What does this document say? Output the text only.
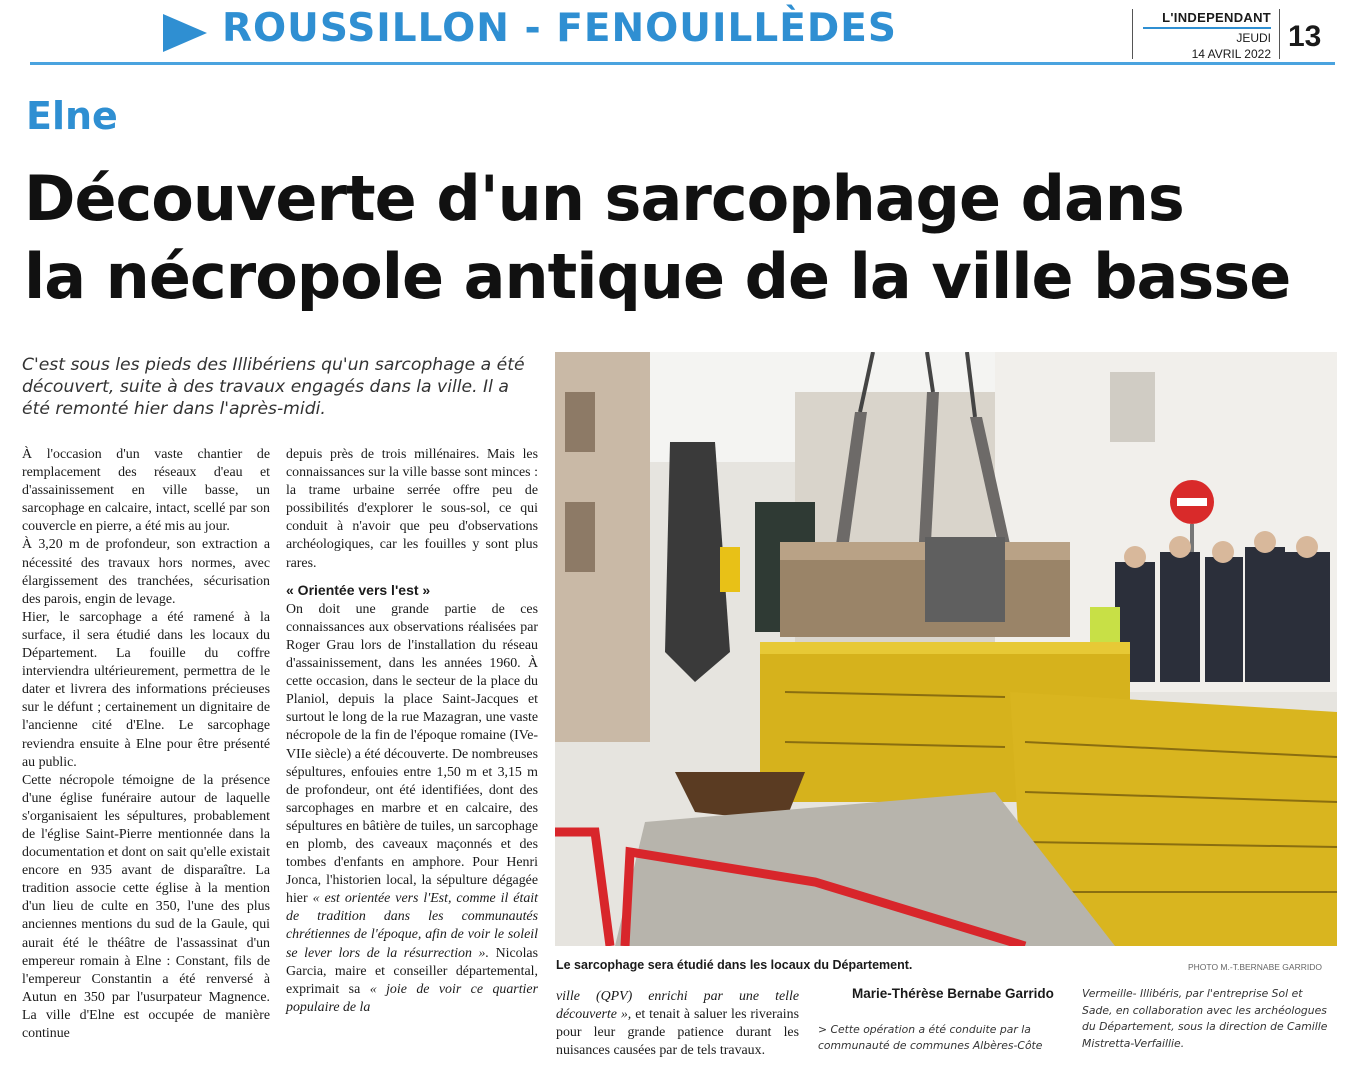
ROUSSILLON - FENOUILLÈDES	L'INDEPENDANT
JEUDI
14 AVRIL 2022
13
Elne
Découverte d'un sarcophage dans
la nécropole antique de la ville basse

C'est sous les pieds des Illibériens qu'un sarcophage a été découvert, suite à des travaux engagés dans la ville. Il a été remonté hier dans l'après-midi.

À l'occasion d'un vaste chantier de remplacement des réseaux d'eau et d'assainissement en ville basse, un sarcophage en calcaire, intact, scellé par son couvercle en pierre, a été mis au jour.

À 3,20 m de profondeur, son extraction a nécessité des travaux hors normes, avec élargissement des tranchées, sécurisation des parois, engin de levage.

Hier, le sarcophage a été ramené à la surface, il sera étudié dans les locaux du Département. La fouille du coffre interviendra ultérieurement, permettra de le dater et livrera des informations précieuses sur le défunt ; certainement un dignitaire de l'ancienne cité d'Elne. Le sarcophage reviendra ensuite à Elne pour être présenté au public.

Cette nécropole témoigne de la présence d'une église funéraire autour de laquelle s'organisaient les sépultures, probablement de l'église Saint-Pierre mentionnée dans la documentation et dont on sait qu'elle existait encore en 935 avant de disparaître. La tradition associe cette église à la mention d'un lieu de culte en 350, l'une des plus anciennes mentions du sud de la Gaule, qui aurait été le théâtre de l'assassinat d'un empereur romain à Elne : Constant, fils de l'empereur Constantin a été renversé à Autun en 350 par l'usurpateur Magnence. La ville d'Elne est occupée de manière continue

depuis près de trois millénaires. Mais les connaissances sur la ville basse sont minces : la trame urbaine serrée offre peu de possibilités d'explorer le sous-sol, ce qui conduit à n'avoir que peu d'observations archéologiques, car les fouilles y sont plus rares.

« Orientée vers l'est »

On doit une grande partie de ces connaissances aux observations réalisées par Roger Grau lors de l'installation du réseau d'assainissement, dans les années 1960. À cette occasion, dans le secteur de la place du Planiol, depuis la place Saint-Jacques et surtout le long de la rue Mazagran, une vaste nécropole de la fin de l'époque romaine (IVe-VIIe siècle) a été découverte. De nombreuses sépultures, enfouies entre 1,50 m et 3,15 m de profondeur, ont été identifiées, dont des sarcophages en marbre et en calcaire, des sépultures en bâtière de tuiles, un sarcophage en plomb, des caveaux maçonnés et des tombes d'enfants en amphore. Pour Henri Jonca, l'historien local, la sépulture dégagée hier « est orientée vers l'Est, comme il était de tradition dans les communautés chrétiennes de l'époque, afin de voir le soleil se lever lors de la résurrection ». Nicolas Garcia, maire et conseiller départemental, exprimait sa « joie de voir ce quartier populaire de la

Le sarcophage sera étudié dans les locaux du Département.	PHOTO M.-T.BERNABE GARRIDO

ville (QPV) enrichi par une telle découverte », et tenait à saluer les riverains pour leur grande patience durant les nuisances causées par de tels travaux.

Marie-Thérèse Bernabe Garrido
> Cette opération a été conduite par la communauté de communes Albères-Côte
Vermeille- Illibéris, par l'entreprise Sol et Sade, en collaboration avec les archéologues du Département, sous la direction de Camille Mistretta-Verfaillie.
